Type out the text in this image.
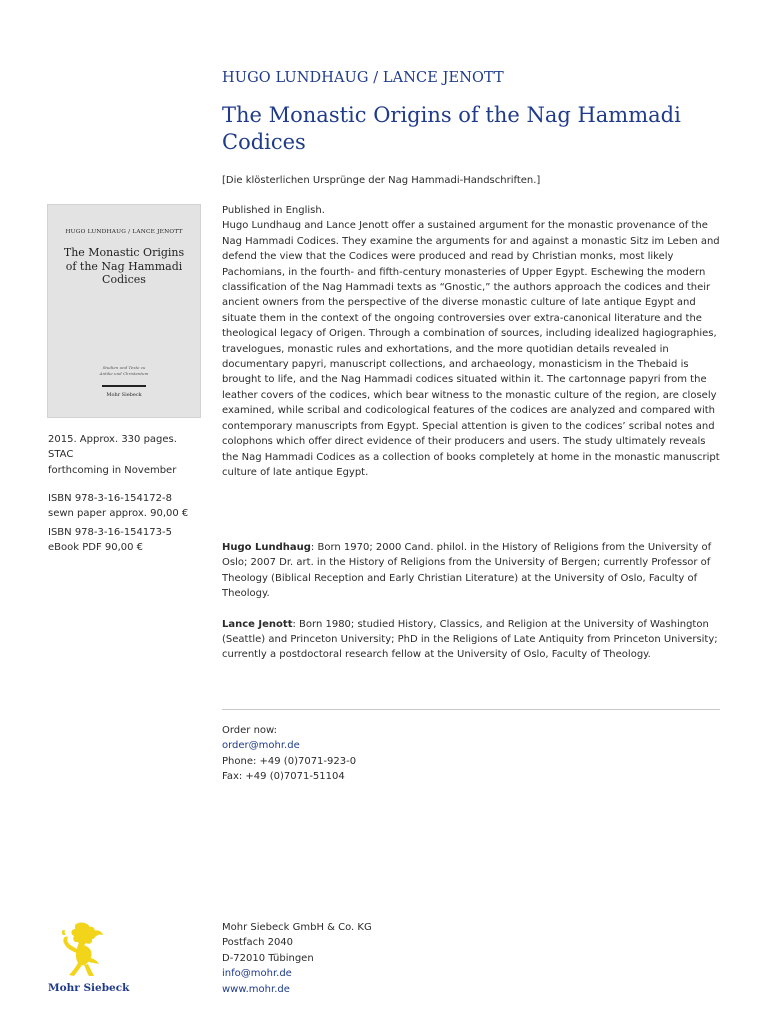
HUGO LUNDHAUG / LANCE JENOTT
The Monastic Origins of the Nag Hammadi Codices
[Die klösterlichen Ursprünge der Nag Hammadi-Handschriften.]
HUGO LUNDHAUG / LANCE JENOTT
The Monastic Origins
of the Nag Hammadi
Codices
Studien und Texte zu
Antike und Christentum
Mohr Siebeck
2015. Approx. 330 pages.
STAC
forthcoming in November
ISBN 978-3-16-154172-8
sewn paper approx. 90,00 €
ISBN 978-3-16-154173-5
eBook PDF 90,00 €

Published in English.

Hugo Lundhaug and Lance Jenott offer a sustained argument for the monastic provenance of the Nag Hammadi Codices. They examine the arguments for and against a monastic Sitz im Leben and defend the view that the Codices were produced and read by Christian monks, most likely Pachomians, in the fourth- and fifth-century monasteries of Upper Egypt. Eschewing the modern classification of the Nag Hammadi texts as “Gnostic,” the authors approach the codices and their ancient owners from the perspective of the diverse monastic culture of late antique Egypt and situate them in the context of the ongoing controversies over extra-canonical literature and the theological legacy of Origen. Through a combination of sources, including idealized hagiographies, travelogues, monastic rules and exhortations, and the more quotidian details revealed in documentary papyri, manuscript collections, and archaeology, monasticism in the Thebaid is brought to life, and the Nag Hammadi codices situated within it. The cartonnage papyri from the leather covers of the codices, which bear witness to the monastic culture of the region, are closely examined, while scribal and codicological features of the codices are analyzed and compared with contemporary manuscripts from Egypt. Special attention is given to the codices’ scribal notes and colophons which offer direct evidence of their producers and users. The study ultimately reveals the Nag Hammadi Codices as a collection of books completely at home in the monastic manuscript culture of late antique Egypt.

Hugo Lundhaug: Born 1970; 2000 Cand. philol. in the History of Religions from the University of Oslo; 2007 Dr. art. in the History of Religions from the University of Bergen; currently Professor of Theology (Biblical Reception and Early Christian Literature) at the University of Oslo, Faculty of Theology.

Lance Jenott: Born 1980; studied History, Classics, and Religion at the University of Washington (Seattle) and Princeton University; PhD in the Religions of Late Antiquity from Princeton University; currently a postdoctoral research fellow at the University of Oslo, Faculty of Theology.

Order now:
order@mohr.de
Phone: +49 (0)7071-923-0
Fax: +49 (0)7071-51104
Mohr Siebeck
Mohr Siebeck GmbH & Co. KG
Postfach 2040
D-72010 Tübingen
info@mohr.de
www.mohr.de
